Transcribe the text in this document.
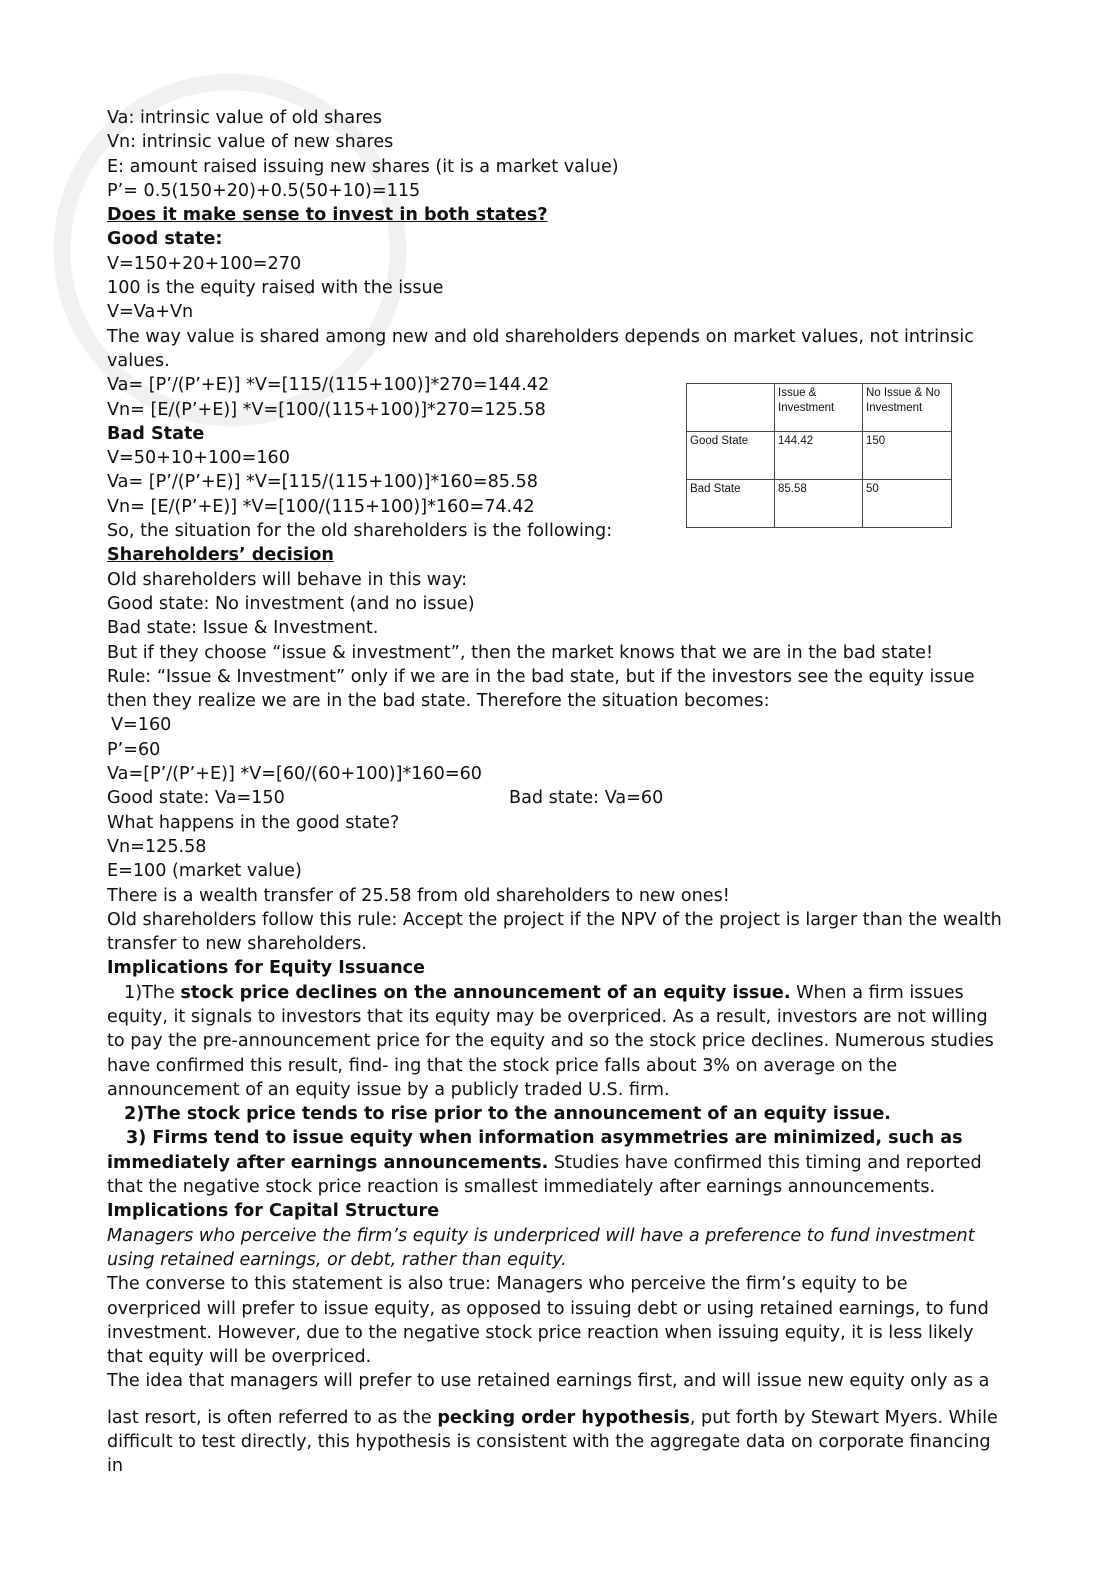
Va: intrinsic value of old shares

Vn: intrinsic value of new shares

E: amount raised issuing new shares (it is a market value)

P’= 0.5(150+20)+0.5(50+10)=115

Does it make sense to invest in both states?

Good state:

V=150+20+100=270

100 is the equity raised with the issue

V=Va+Vn

The way value is shared among new and old shareholders depends on market values, not intrinsic values.

Va= [P’/(P’+E)] *V=[115/(115+100)]*270=144.42

Vn= [E/(P’+E)] *V=[100/(115+100)]*270=125.58

Bad State

V=50+10+100=160

Va= [P’/(P’+E)] *V=[115/(115+100)]*160=85.58

Vn= [E/(P’+E)] *V=[100/(115+100)]*160=74.42

So, the situation for the old shareholders is the following:

Shareholders’ decision

Old shareholders will behave in this way:

Good state: No investment (and no issue)

Bad state: Issue & Investment.

But if they choose “issue & investment”, then the market knows that we are in the bad state!

Rule: “Issue & Investment” only if we are in the bad state, but if the investors see the equity issue then they realize we are in the bad state. Therefore the situation becomes:

V=160

P’=60

Va=[P’/(P’+E)] *V=[60/(60+100)]*160=60

Good state: Va=150	Bad state: Va=60

What happens in the good state?

Vn=125.58

E=100 (market value)

There is a wealth transfer of 25.58 from old shareholders to new ones!

Old shareholders follow this rule: Accept the project if the NPV of the project is larger than the wealth transfer to new shareholders.

Implications for Equity Issuance

1)The stock price declines on the announcement of an equity issue. When a firm issues equity, it signals to investors that its equity may be overpriced. As a result, investors are not willing to pay the pre-announcement price for the equity and so the stock price declines. Numerous studies have confirmed this result, find- ing that the stock price falls about 3% on average on the announcement of an equity issue by a publicly traded U.S. firm.

2)The stock price tends to rise prior to the announcement of an equity issue.

3) Firms tend to issue equity when information asymmetries are minimized, such as immediately after earnings announcements. Studies have confirmed this timing and reported that the negative stock price reaction is smallest immediately after earnings announcements.

Implications for Capital Structure

Managers who perceive the firm’s equity is underpriced will have a preference to fund investment using retained earnings, or debt, rather than equity.

The converse to this statement is also true: Managers who perceive the firm’s equity to be overpriced will prefer to issue equity, as opposed to issuing debt or using retained earnings, to fund investment. However, due to the negative stock price reaction when issuing equity, it is less likely that equity will be overpriced.

The idea that managers will prefer to use retained earnings first, and will issue new equity only as a

last resort, is often referred to as the pecking order hypothesis, put forth by Stewart Myers. While difficult to test directly, this hypothesis is consistent with the aggregate data on corporate financing in

	Issue & Investment	No Issue & No Investment
Good State	144.42	150
Bad State	85.58	50
